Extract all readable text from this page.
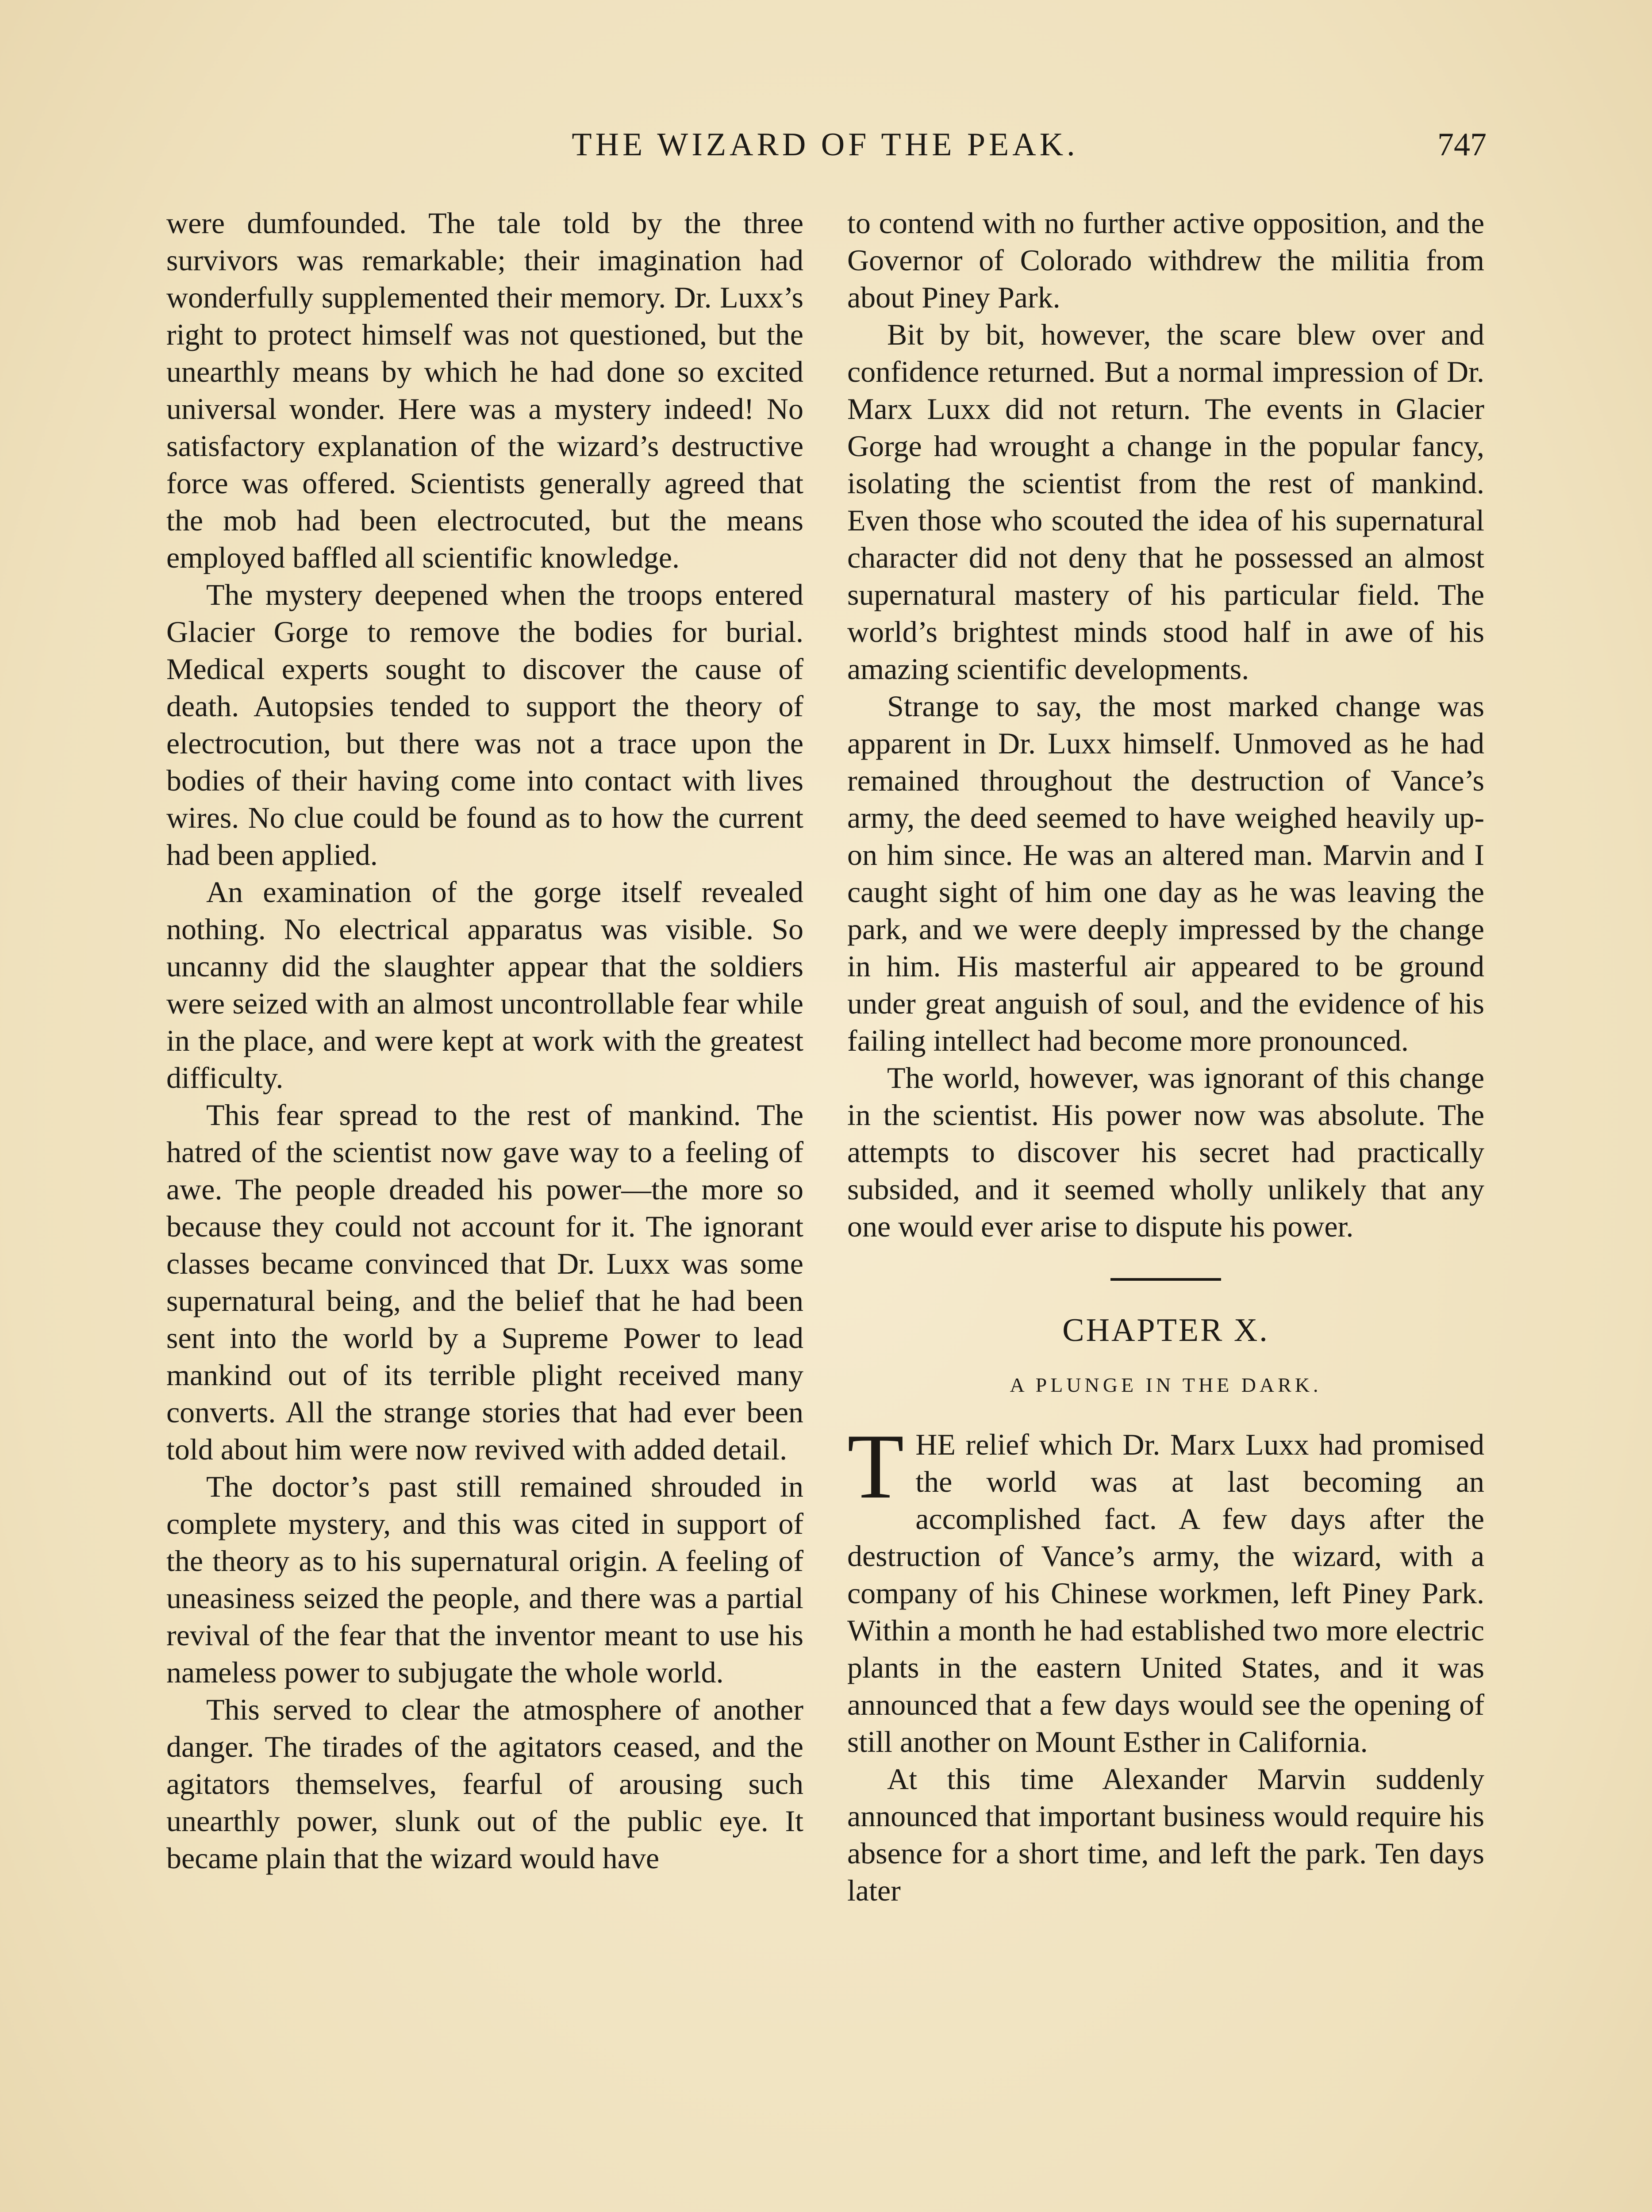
THE WIZARD OF THE PEAK.	747

were dumfounded. The tale told by the three survivors was remarkable; their imagination had wonderfully supplemented their memory. Dr. Luxx’s right to protect himself was not questioned, but the unearthly means by which he had done so excited universal wonder. Here was a mystery indeed! No satisfactory explanation of the wizard’s destructive force was offered. Scientists generally agreed that the mob had been electrocuted, but the means employed baffled all scientific knowledge.

The mystery deepened when the troops entered Glacier Gorge to remove the bodies for burial. Medical experts sought to discover the cause of death. Autopsies tended to support the theory of electrocution, but there was not a trace upon the bodies of their having come into contact with lives wires. No clue could be found as to how the current had been applied.

An examination of the gorge itself revealed nothing. No electrical apparatus was visible. So uncanny did the slaughter appear that the soldiers were seized with an almost uncontrollable fear while in the place, and were kept at work with the greatest difficulty.

This fear spread to the rest of mankind. The hatred of the scientist now gave way to a feeling of awe. The people dreaded his power—the more so because they could not account for it. The ignorant classes became convinced that Dr. Luxx was some supernatural being, and the belief that he had been sent into the world by a Supreme Power to lead mankind out of its terrible plight received many converts. All the strange stories that had ever been told about him were now revived with added detail.

The doctor’s past still remained shrouded in complete mystery, and this was cited in support of the theory as to his supernatural origin. A feeling of uneasiness seized the people, and there was a partial revival of the fear that the inventor meant to use his nameless power to subjugate the whole world.

This served to clear the atmosphere of another danger. The tirades of the agitators ceased, and the agitators themselves, fearful of arousing such unearthly power, slunk out of the public eye. It became plain that the wizard would have

to contend with no further active opposition, and the Governor of Colorado withdrew the militia from about Piney Park.

Bit by bit, however, the scare blew over and confidence returned. But a normal impression of Dr. Marx Luxx did not return. The events in Glacier Gorge had wrought a change in the popular fancy, isolating the scientist from the rest of mankind. Even those who scouted the idea of his supernatural character did not deny that he possessed an almost supernatural mastery of his particular field. The world’s brightest minds stood half in awe of his amazing scientific developments.

Strange to say, the most marked change was apparent in Dr. Luxx himself. Unmoved as he had remained throughout the destruction of Vance’s army, the deed seemed to have weighed heavily upon him since. He was an altered man. Marvin and I caught sight of him one day as he was leaving the park, and we were deeply impressed by the change in him. His masterful air appeared to be ground under great anguish of soul, and the evidence of his failing intellect had become more pronounced.

The world, however, was ignorant of this change in the scientist. His power now was absolute. The attempts to discover his secret had practically subsided, and it seemed wholly unlikely that any one would ever arise to dispute his power.

CHAPTER X.
A PLUNGE IN THE DARK.

THE relief which Dr. Marx Luxx had promised the world was at last becoming an accomplished fact. A few days after the destruction of Vance’s army, the wizard, with a company of his Chinese workmen, left Piney Park. Within a month he had established two more electric plants in the eastern United States, and it was announced that a few days would see the opening of still another on Mount Esther in California.

At this time Alexander Marvin suddenly announced that important business would require his absence for a short time, and left the park. Ten days later
